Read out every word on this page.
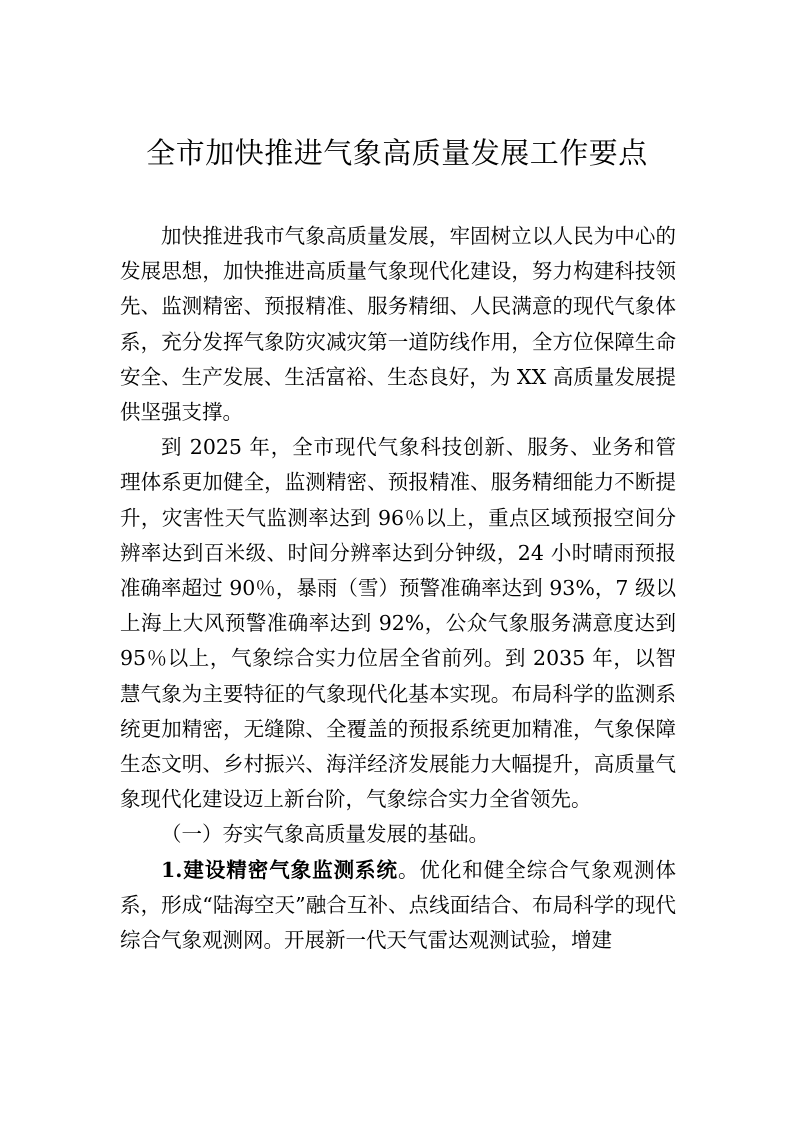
全市加快推进气象高质量发展工作要点

加快推进我市气象高质量发展，牢固树立以人民为中心的发展思想，加快推进高质量气象现代化建设，努力构建科技领先、监测精密、预报精准、服务精细、人民满意的现代气象体系，充分发挥气象防灾减灾第一道防线作用，全方位保障生命安全、生产发展、生活富裕、生态良好，为 XX 高质量发展提供坚强支撑。

到 2025 年，全市现代气象科技创新、服务、业务和管理体系更加健全，监测精密、预报精准、服务精细能力不断提升，灾害性天气监测率达到 96％以上，重点区域预报空间分辨率达到百米级、时间分辨率达到分钟级，24 小时晴雨预报准确率超过 90％，暴雨（雪）预警准确率达到 93%，7 级以上海上大风预警准确率达到 92%，公众气象服务满意度达到 95％以上，气象综合实力位居全省前列。到 2035 年，以智慧气象为主要特征的气象现代化基本实现。布局科学的监测系统更加精密，无缝隙、全覆盖的预报系统更加精准，气象保障生态文明、乡村振兴、海洋经济发展能力大幅提升，高质量气象现代化建设迈上新台阶，气象综合实力全省领先。

（一）夯实气象高质量发展的基础。

1.建设精密气象监测系统。优化和健全综合气象观测体系，形成“陆海空天”融合互补、点线面结合、布局科学的现代综合气象观测网。开展新一代天气雷达观测试验，增建
